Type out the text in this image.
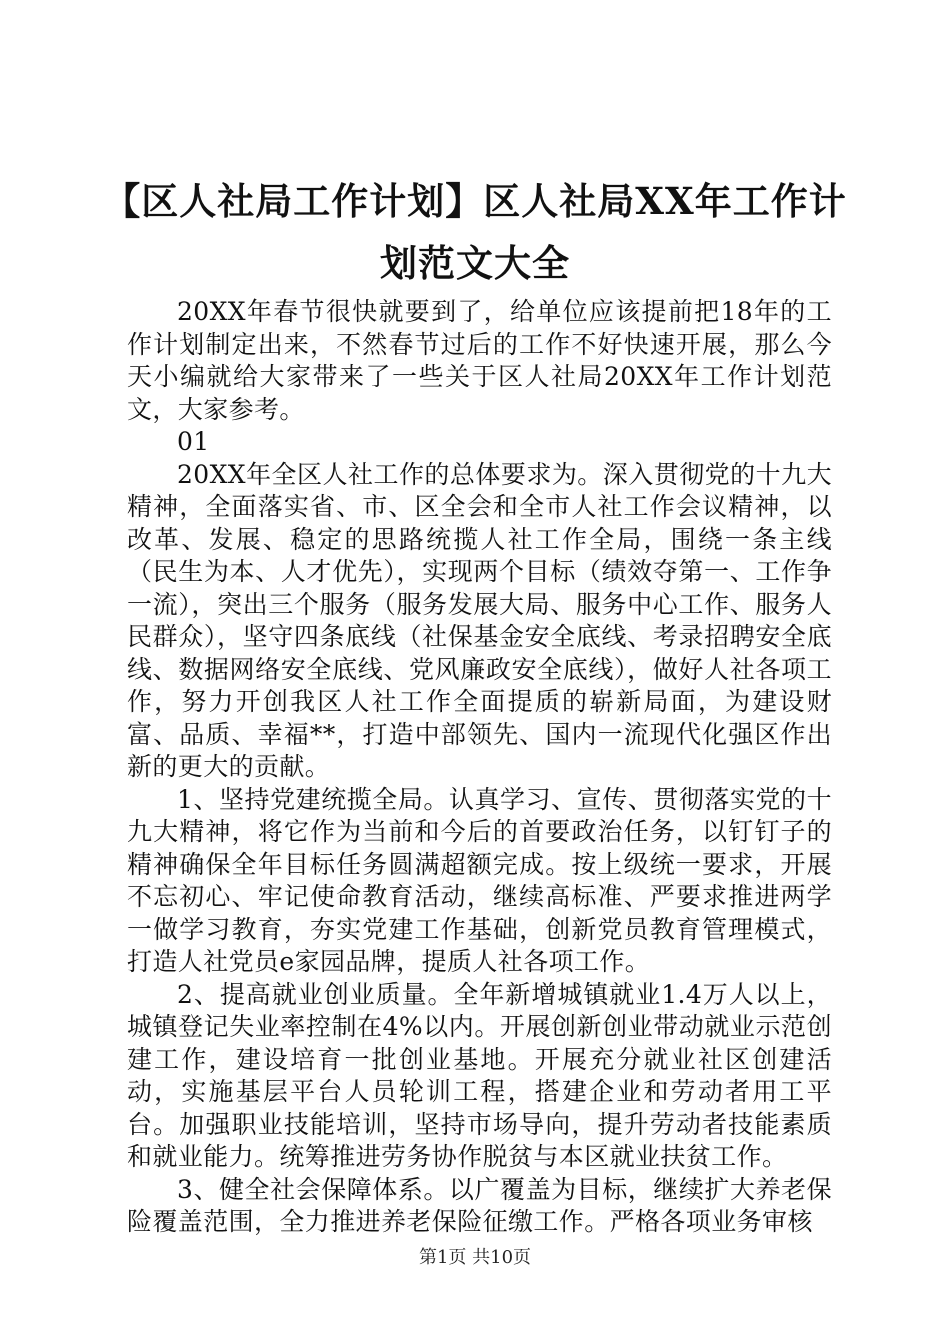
【区人社局工作计划】区人社局XX年工作计划范文大全

20XX年春节很快就要到了，给单位应该提前把18年的工作计划制定出来，不然春节过后的工作不好快速开展，那么今天小编就给大家带来了一些关于区人社局20XX年工作计划范文，大家参考。

01

20XX年全区人社工作的总体要求为。深入贯彻党的十九大精神，全面落实省、市、区全会和全市人社工作会议精神，以改革、发展、稳定的思路统揽人社工作全局，围绕一条主线（民生为本、人才优先），实现两个目标（绩效夺第一、工作争一流），突出三个服务（服务发展大局、服务中心工作、服务人民群众），坚守四条底线（社保基金安全底线、考录招聘安全底线、数据网络安全底线、党风廉政安全底线），做好人社各项工作，努力开创我区人社工作全面提质的崭新局面，为建设财富、品质、幸福**，打造中部领先、国内一流现代化强区作出新的更大的贡献。

1、坚持党建统揽全局。认真学习、宣传、贯彻落实党的十九大精神，将它作为当前和今后的首要政治任务，以钉钉子的精神确保全年目标任务圆满超额完成。按上级统一要求，开展不忘初心、牢记使命教育活动，继续高标准、严要求推进两学一做学习教育，夯实党建工作基础，创新党员教育管理模式，打造人社党员e家园品牌，提质人社各项工作。

2、提高就业创业质量。全年新增城镇就业1.4万人以上，城镇登记失业率控制在4%以内。开展创新创业带动就业示范创建工作，建设培育一批创业基地。开展充分就业社区创建活动，实施基层平台人员轮训工程，搭建企业和劳动者用工平台。加强职业技能培训，坚持市场导向，提升劳动者技能素质和就业能力。统筹推进劳务协作脱贫与本区就业扶贫工作。

3、健全社会保障体系。以广覆盖为目标，继续扩大养老保险覆盖范围，全力推进养老保险征缴工作。严格各项业务审核

第1页 共10页
